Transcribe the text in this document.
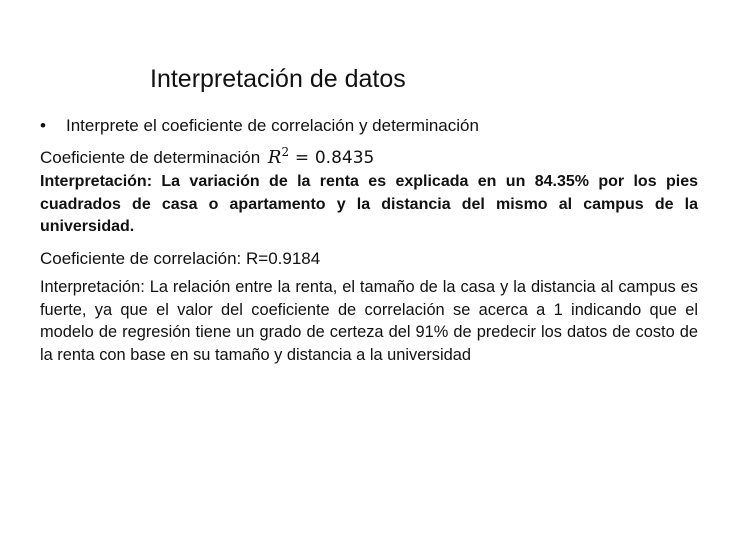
Interpretación de datos
• Interprete el coeficiente de correlación y determinación
Coeficiente de determinación $R^2 = 0.8435$
Interpretación: La variación de la renta es explicada en un 84.35% por los pies cuadrados de casa o apartamento y la distancia del mismo al campus de la universidad.
Coeficiente de correlación: R=0.9184
Interpretación: La relación entre la renta, el tamaño de la casa y la distancia al campus es fuerte, ya que el valor del coeficiente de correlación se acerca a 1 indicando que el modelo de regresión tiene un grado de certeza del 91% de predecir los datos de costo de la renta con base en su tamaño y distancia a la universidad
